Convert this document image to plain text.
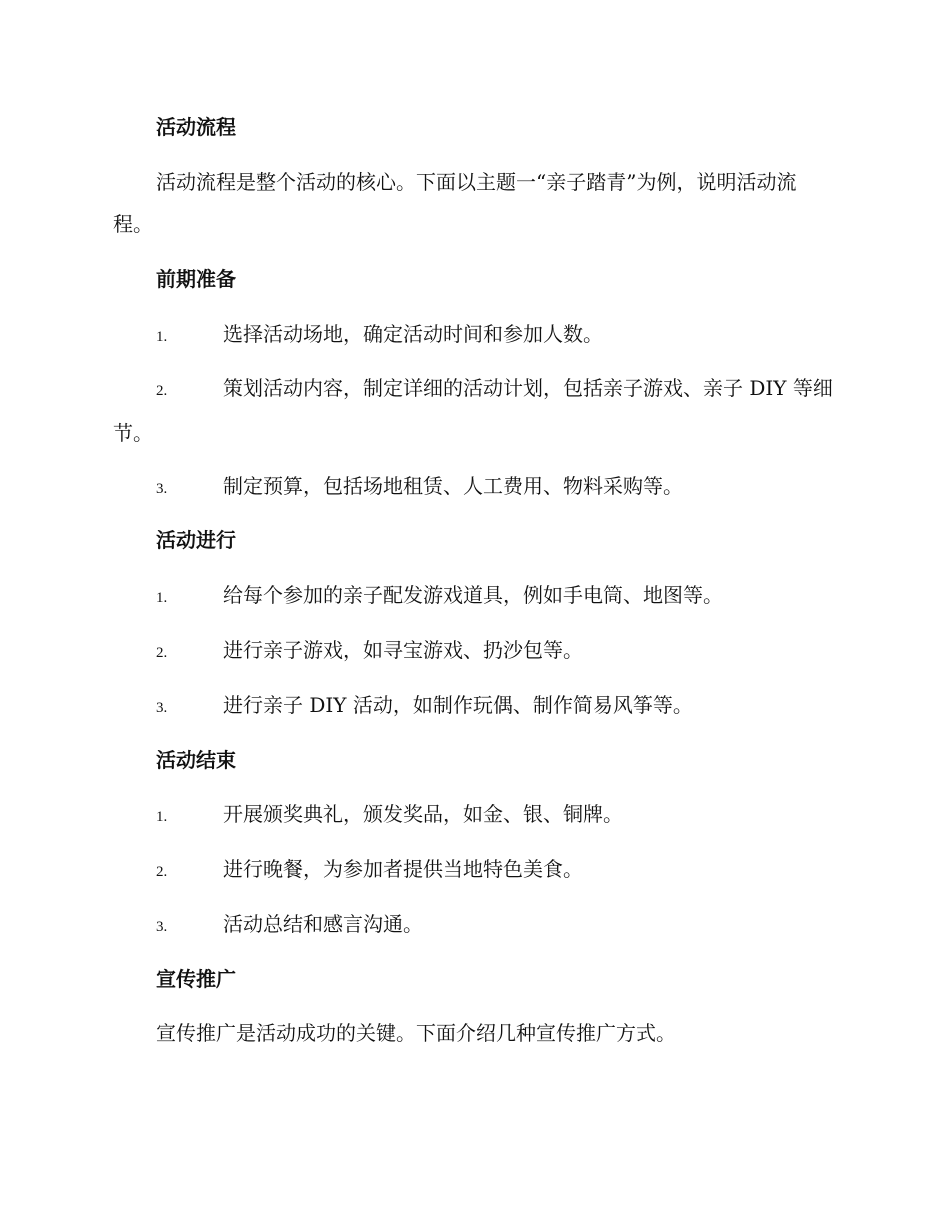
活动流程
活动流程是整个活动的核心。下面以主题一“亲子踏青”为例，说明活动流程。
前期准备
1.	选择活动场地，确定活动时间和参加人数。
2.	策划活动内容，制定详细的活动计划，包括亲子游戏、亲子 DIY 等细节。
3.	制定预算，包括场地租赁、人工费用、物料采购等。
活动进行
1.	给每个参加的亲子配发游戏道具，例如手电筒、地图等。
2.	进行亲子游戏，如寻宝游戏、扔沙包等。
3.	进行亲子 DIY 活动，如制作玩偶、制作简易风筝等。
活动结束
1.	开展颁奖典礼，颁发奖品，如金、银、铜牌。
2.	进行晚餐，为参加者提供当地特色美食。
3.	活动总结和感言沟通。
宣传推广
宣传推广是活动成功的关键。下面介绍几种宣传推广方式。
